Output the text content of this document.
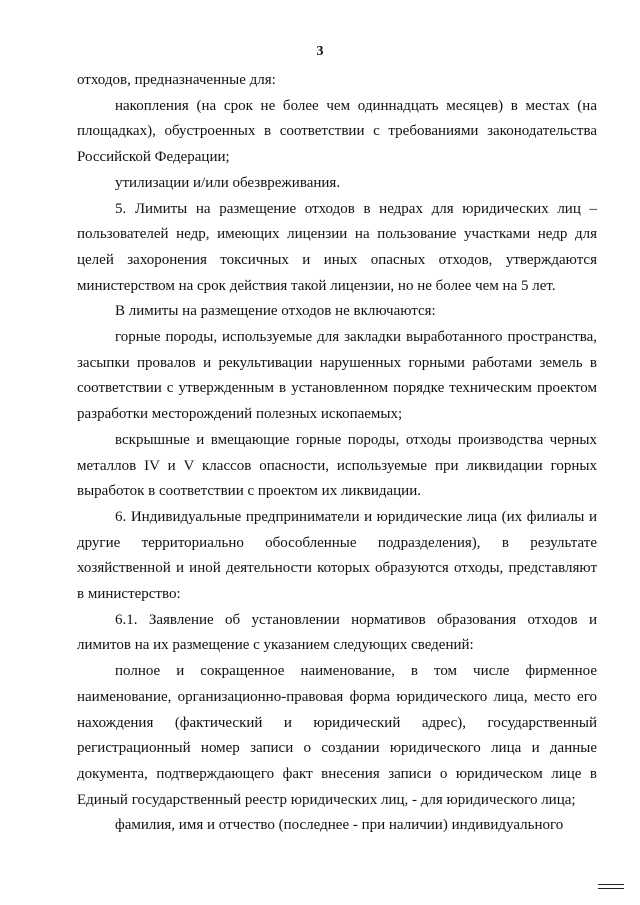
3

отходов, предназначенные для:

накопления (на срок не более чем одиннадцать месяцев) в местах (на площадках), обустроенных в соответствии с требованиями законодательства Российской Федерации;

утилизации и/или обезвреживания.

5. Лимиты на размещение отходов в недрах для юридических лиц – пользователей недр, имеющих лицензии на пользование участками недр для целей захоронения токсичных и иных опасных отходов, утверждаются министерством на срок действия такой лицензии, но не более чем на 5 лет.

В лимиты на размещение отходов не включаются:

горные породы, используемые для закладки выработанного пространства, засыпки провалов и рекультивации нарушенных горными работами земель в соответствии с утвержденным в установленном порядке техническим проектом разработки месторождений полезных ископаемых;

вскрышные и вмещающие горные породы, отходы производства черных металлов IV и V классов опасности, используемые при ликвидации горных выработок в соответствии с проектом их ликвидации.

6. Индивидуальные предприниматели и юридические лица (их филиалы и другие территориально обособленные подразделения), в результате хозяйственной и иной деятельности которых образуются отходы, представляют в министерство:

6.1. Заявление об установлении нормативов образования отходов и лимитов на их размещение с указанием следующих сведений:

полное и сокращенное наименование, в том числе фирменное наименование, организационно-правовая форма юридического лица, место его нахождения (фактический и юридический адрес), государственный регистрационный номер записи о создании юридического лица и данные документа, подтверждающего факт внесения записи о юридическом лице в Единый государственный реестр юридических лиц, - для юридического лица;

фамилия, имя и отчество (последнее - при наличии) индивидуального
